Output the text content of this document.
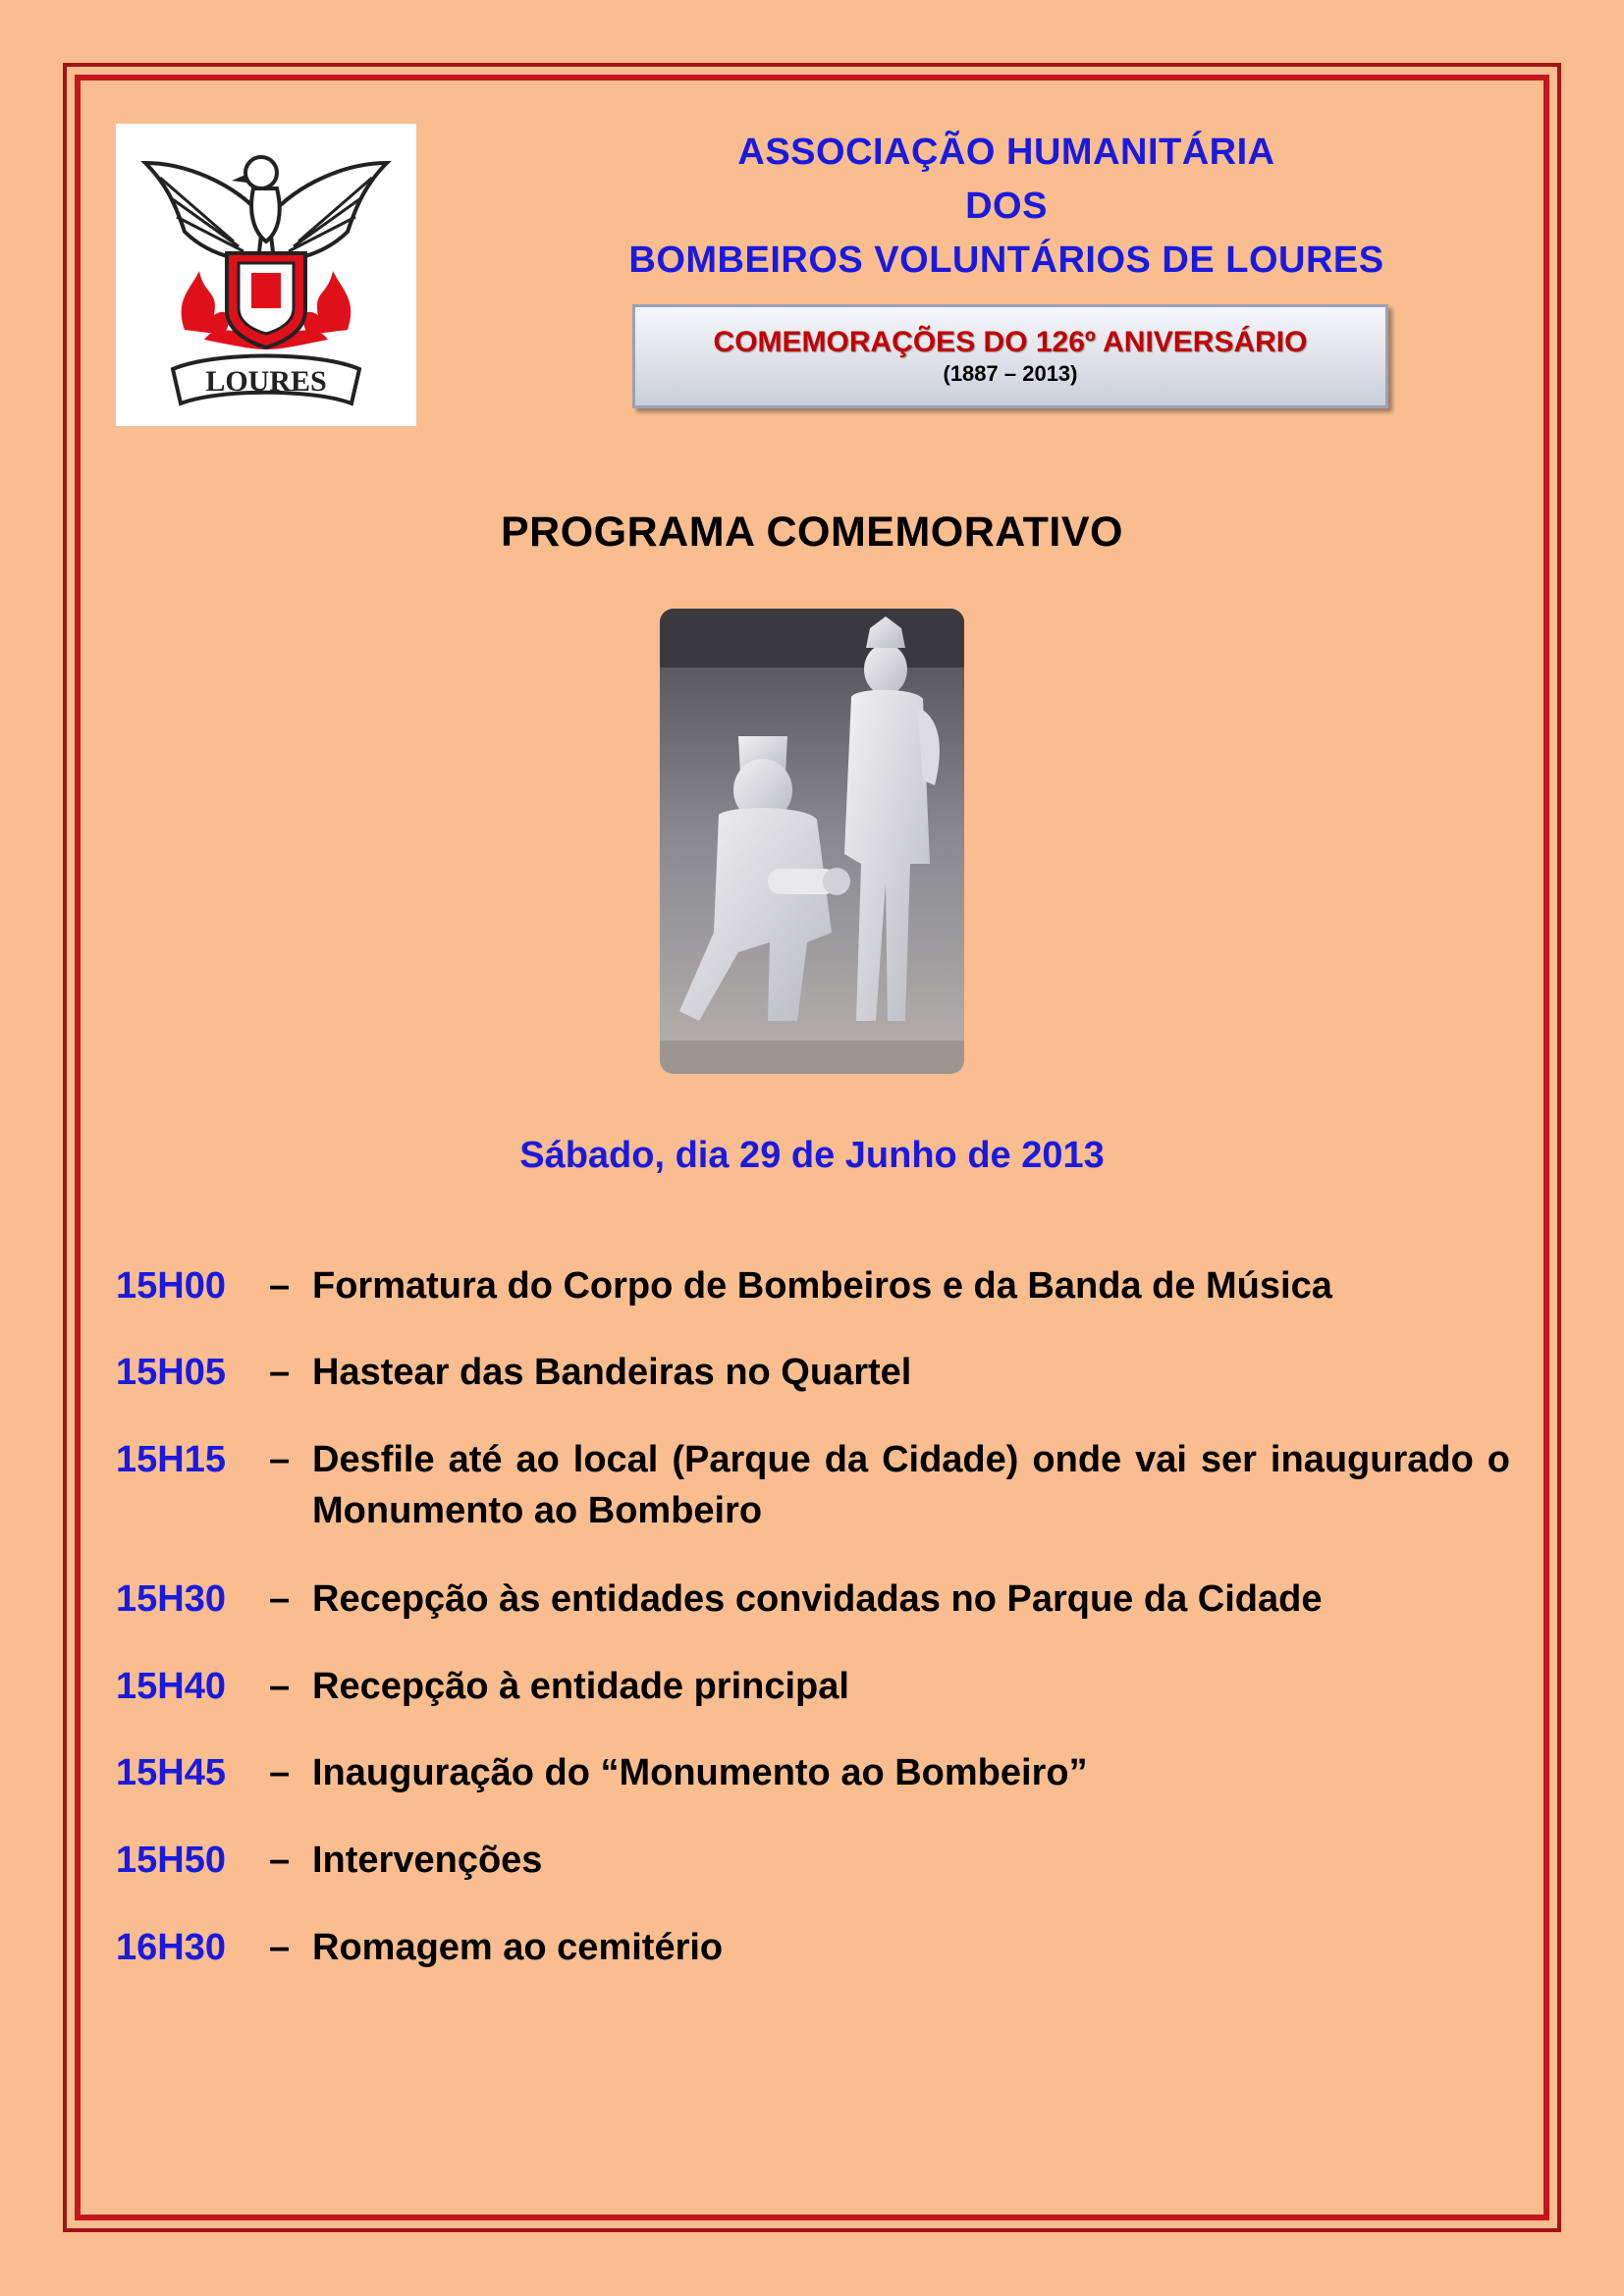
LOURES
ASSOCIAÇÃO HUMANITÁRIA
DOS
BOMBEIROS VOLUNTÁRIOS DE LOURES
COMEMORAÇÕES DO 126º ANIVERSÁRIO
(1887 – 2013)
PROGRAMA COMEMORATIVO
Sábado, dia 29 de Junho de 2013
15H00	– Formatura do Corpo de Bombeiros e da Banda de Música
15H05	– Hastear das Bandeiras no Quartel
15H15	– Desfile até ao local (Parque da Cidade) onde vai ser inaugurado o Monumento ao Bombeiro
15H30	– Recepção às entidades convidadas no Parque da Cidade
15H40	– Recepção à entidade principal
15H45	– Inauguração do “Monumento ao Bombeiro”
15H50	– Intervenções
16H30	– Romagem ao cemitério
